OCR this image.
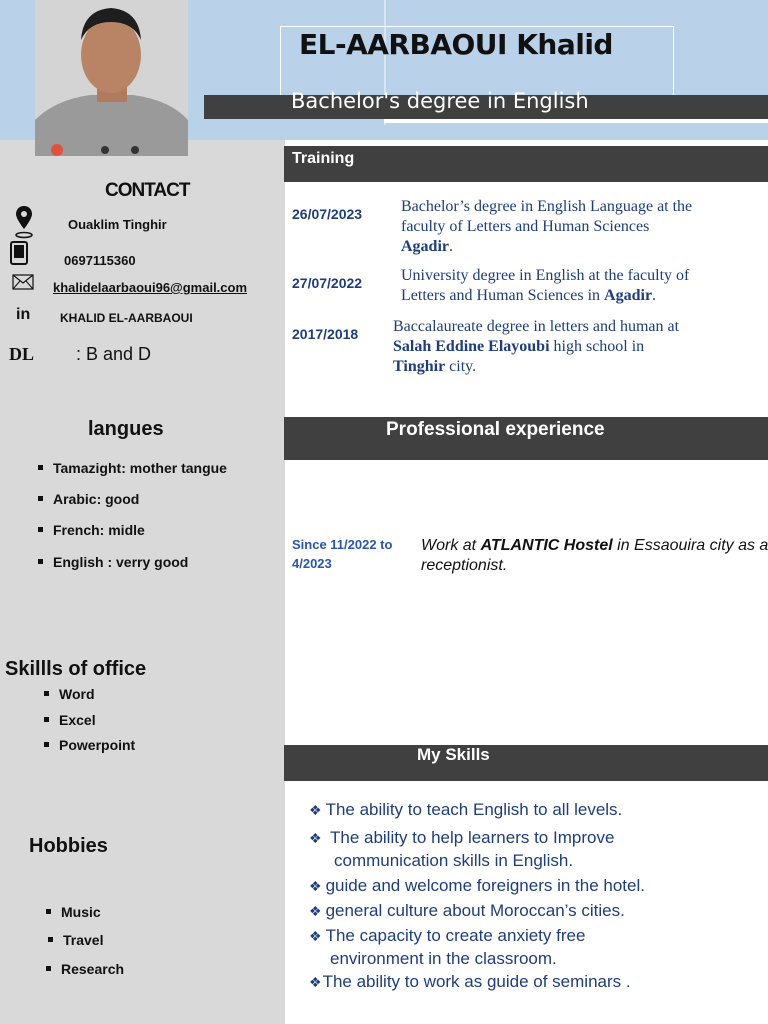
EL-AARBAOUI Khalid
Bachelor's degree in English
CONTACT
Ouaklim Tinghir
0697115360
khalidelaarbaoui96@gmail.com
in KHALID EL-AARBAOUI
DL : B and D
langues
Tamazight: mother tangue
Arabic: good
French: midle
English : verry good
Skillls of office
Word
Excel
Powerpoint
Hobbies
Music
Travel
Research
Training
26/07/2023 Bachelor’s degree in English Language at the
faculty of Letters and Human Sciences
Agadir.
27/07/2022 University degree in English at the faculty of
Letters and Human Sciences in Agadir.
2017/2018 Baccalaureate degree in letters and human at
Salah Eddine Elayoubi high school in
Tinghir city.
Professional experience
Since 11/2022 to
4/2023
Work at ATLANTIC Hostel in Essaouira city as a
receptionist.
My Skills
❖ The ability to teach English to all levels.
❖ The ability to help learners to Improve
communication skills in English.
❖ guide and welcome foreigners in the hotel.
❖ general culture about Moroccan’s cities.
❖ The capacity to create anxiety free
environment in the classroom.
❖The ability to work as guide of seminars .
